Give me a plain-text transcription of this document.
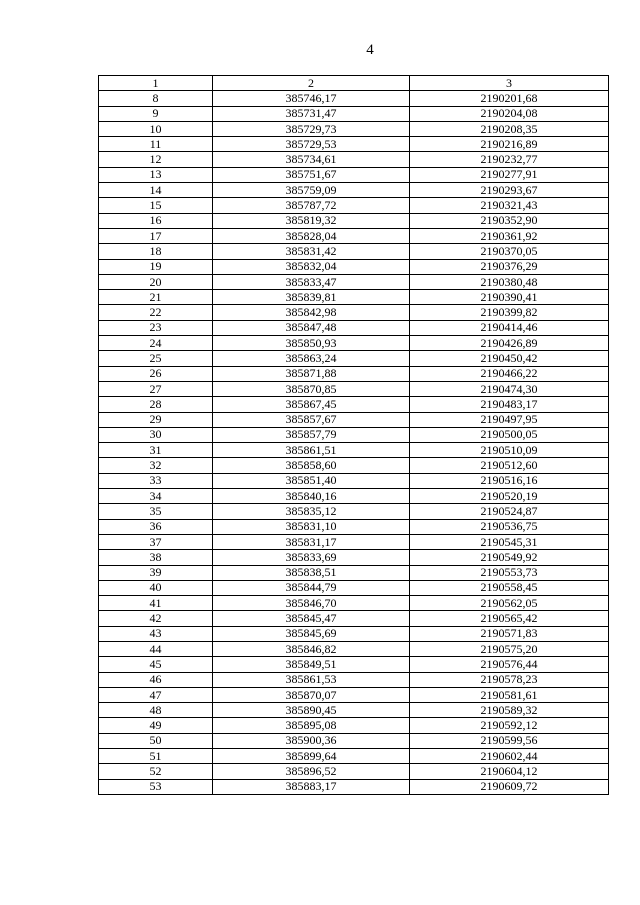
4
1	2	3
8	385746,17	2190201,68
9	385731,47	2190204,08
10	385729,73	2190208,35
11	385729,53	2190216,89
12	385734,61	2190232,77
13	385751,67	2190277,91
14	385759,09	2190293,67
15	385787,72	2190321,43
16	385819,32	2190352,90
17	385828,04	2190361,92
18	385831,42	2190370,05
19	385832,04	2190376,29
20	385833,47	2190380,48
21	385839,81	2190390,41
22	385842,98	2190399,82
23	385847,48	2190414,46
24	385850,93	2190426,89
25	385863,24	2190450,42
26	385871,88	2190466,22
27	385870,85	2190474,30
28	385867,45	2190483,17
29	385857,67	2190497,95
30	385857,79	2190500,05
31	385861,51	2190510,09
32	385858,60	2190512,60
33	385851,40	2190516,16
34	385840,16	2190520,19
35	385835,12	2190524,87
36	385831,10	2190536,75
37	385831,17	2190545,31
38	385833,69	2190549,92
39	385838,51	2190553,73
40	385844,79	2190558,45
41	385846,70	2190562,05
42	385845,47	2190565,42
43	385845,69	2190571,83
44	385846,82	2190575,20
45	385849,51	2190576,44
46	385861,53	2190578,23
47	385870,07	2190581,61
48	385890,45	2190589,32
49	385895,08	2190592,12
50	385900,36	2190599,56
51	385899,64	2190602,44
52	385896,52	2190604,12
53	385883,17	2190609,72
